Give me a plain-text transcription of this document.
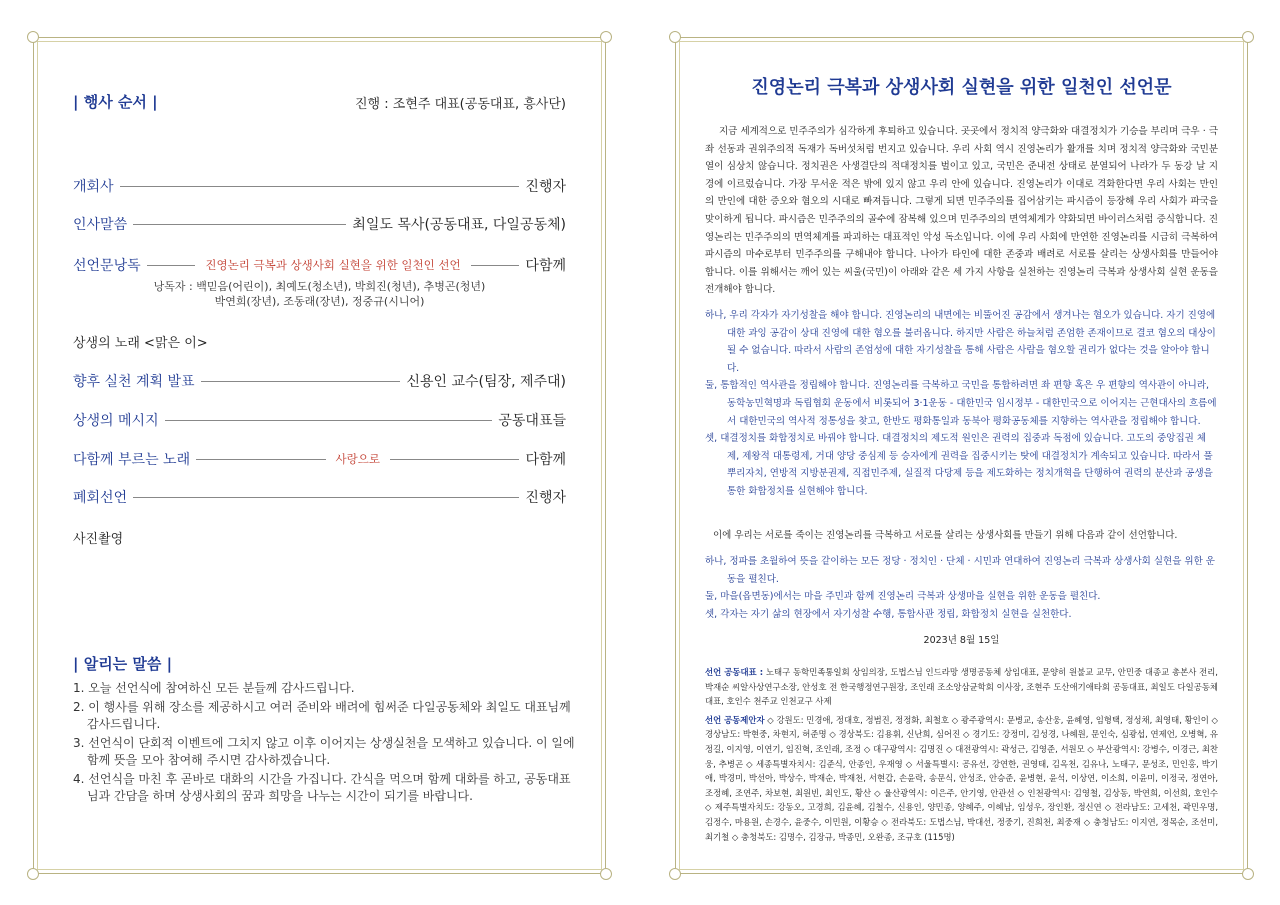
| 행사 순서 |	진행 : 조현주 대표(공동대표, 흥사단)
개회사	진행자
인사말씀	최일도 목사(공동대표, 다일공동체)
선언문낭독	진영논리 극복과 상생사회 실현을 위한 일천인 선언	다함께
낭독자 : 백믿음(어린이), 최예도(청소년), 박희진(청년), 추병곤(청년)
박연희(장년), 조동래(장년), 정중규(시니어)
상생의 노래 <맑은 이>
향후 실천 계획 발표	신용인 교수(팀장, 제주대)
상생의 메시지	공동대표들
다함께 부르는 노래	사랑으로	다함께
폐회선언	진행자
사진촬영
| 알리는 말씀 |
1. 오늘 선언식에 참여하신 모든 분들께 감사드립니다.
2. 이 행사를 위해 장소를 제공하시고 여러 준비와 배려에 힘써준 다일공동체와 최일도 대표님께 감사드립니다.
3. 선언식이 단회적 이벤트에 그치지 않고 이후 이어지는 상생실천을 모색하고 있습니다. 이 일에 함께 뜻을 모아 참여해 주시면 감사하겠습니다.
4. 선언식을 마친 후 곧바로 대화의 시간을 가집니다. 간식을 먹으며 함께 대화를 하고, 공동대표님과 간담을 하며 상생사회의 꿈과 희망을 나누는 시간이 되기를 바랍니다.
진영논리 극복과 상생사회 실현을 위한 일천인 선언문

지금 세계적으로 민주주의가 심각하게 후퇴하고 있습니다. 곳곳에서 정치적 양극화와 대결정치가 기승을 부리며 극우 · 극좌 선동과 권위주의적 독재가 독버섯처럼 번지고 있습니다. 우리 사회 역시 진영논리가 활개를 치며 정치적 양극화와 국민분열이 심상치 않습니다. 정치권은 사생결단의 적대정치를 벌이고 있고, 국민은 준내전 상태로 분열되어 나라가 두 동강 날 지경에 이르렀습니다. 가장 무서운 적은 밖에 있지 않고 우리 안에 있습니다. 진영논리가 이대로 격화한다면 우리 사회는 만인의 만인에 대한 증오와 혐오의 시대로 빠져듭니다. 그렇게 되면 민주주의를 집어삼키는 파시즘이 등장해 우리 사회가 파국을 맞이하게 됩니다. 파시즘은 민주주의의 골수에 잠복해 있으며 민주주의의 면역체계가 약화되면 바이러스처럼 증식합니다. 진영논리는 민주주의의 면역체계를 파괴하는 대표적인 악성 독소입니다. 이에 우리 사회에 만연한 진영논리를 시급히 극복하여 파시즘의 마수로부터 민주주의를 구해내야 합니다. 나아가 타인에 대한 존중과 배려로 서로를 살리는 상생사회를 만들어야 합니다. 이를 위해서는 깨어 있는 씨울(국민)이 아래와 같은 세 가지 사항을 실천하는 진영논리 극복과 상생사회 실현 운동을 전개해야 합니다.

하나, 우리 각자가 자기성찰을 해야 합니다. 진영논리의 내면에는 비뚤어진 공감에서 생겨나는 혐오가 있습니다. 자기 진영에 대한 과잉 공감이 상대 진영에 대한 혐오를 불러옵니다. 하지만 사람은 하늘처럼 존엄한 존재이므로 결코 혐오의 대상이 될 수 없습니다. 따라서 사람의 존엄성에 대한 자기성찰을 통해 사람은 사람을 혐오할 권리가 없다는 것을 알아야 합니다.

둘, 통합적인 역사관을 정립해야 합니다. 진영논리를 극복하고 국민을 통합하려면 좌 편향 혹은 우 편향의 역사관이 아니라, 동학농민혁명과 독립협회 운동에서 비롯되어 3·1운동 - 대한민국 임시정부 - 대한민국으로 이어지는 근현대사의 흐름에서 대한민국의 역사적 정통성을 찾고, 한반도 평화통일과 동북아 평화공동체를 지향하는 역사관을 정립해야 합니다.

셋, 대결정치를 화합정치로 바꿔야 합니다. 대결정치의 제도적 원인은 권력의 집중과 독점에 있습니다. 고도의 중앙집권 체제, 제왕적 대통령제, 거대 양당 중심제 등 승자에게 권력을 집중시키는 탓에 대결정치가 계속되고 있습니다. 따라서 풀뿌리자치, 연방적 지방분권제, 직접민주제, 실질적 다당제 등을 제도화하는 정치개혁을 단행하여 권력의 분산과 공생을 통한 화합정치를 실현해야 합니다.

이에 우리는 서로를 죽이는 진영논리를 극복하고 서로를 살리는 상생사회를 만들기 위해 다음과 같이 선언합니다.

하나, 정파를 초월하여 뜻을 같이하는 모든 정당 · 정치인 · 단체 · 시민과 연대하여 진영논리 극복과 상생사회 실현을 위한 운동을 펼친다.

둘, 마을(읍면동)에서는 마을 주민과 함께 진영논리 극복과 상생마을 실현을 위한 운동을 펼친다.

셋, 각자는 자기 삶의 현장에서 자기성찰 수행, 통합사관 정립, 화합정치 실현을 실천한다.

2023년 8월 15일

선언 공동대표 : 노태구 동학민족통일회 상임의장, 도법스님 인드라망 생명공동체 상임대표, 문양히 원불교 교무, 안민중 대종교 총본사 전리, 박재순 씨알사상연구소장, 안성호 전 한국행정연구원장, 조인래 조소앙삼균학회 이사장, 조현주 도산애기애타회 공동대표, 최일도 다일공동체 대표, 호인수 천주교 인천교구 사제

선언 공동제안자 ◇ 강원도: 민경애, 정대호, 정범진, 정정화, 최철호 ◇ 광주광역시: 문병교, 송산웅, 윤혜영, 임형택, 정성채, 최영태, 황인이 ◇ 경상남도: 박현중, 차현지, 허준명 ◇ 경상북도: 김용휘, 신난희, 심어진 ◇ 경기도: 강정미, 김성경, 나혜원, 문인숙, 심광섭, 연제언, 오병혁, 유정길, 이지영, 이연기, 임진혁, 조인래, 조정 ◇ 대구광역시: 김명진 ◇ 대전광역시: 곽성근, 김영준, 서원모 ◇ 부산광역시: 강병수, 이경근, 최찬웅, 추병곤 ◇ 세종특별자치시: 김준식, 안종인, 우재영 ◇ 서울특별시: 공유선, 강연한, 권영태, 김옥천, 김유나, 노태구, 문성조, 민인홍, 박기애, 박경미, 박선아, 박상수, 박재순, 박재천, 서현갑, 손윤락, 송문식, 안성조, 안승준, 윤병현, 윤석, 이상연, 이소희, 이윤미, 이정국, 정연아, 조정혜, 조연주, 차보현, 최원빈, 최인도, 황산 ◇ 울산광역시: 이은주, 안기영, 안관선 ◇ 인천광역시: 김영철, 김상동, 박연희, 이선희, 호인수 ◇ 제주특별자치도: 강동오, 고경희, 김윤혜, 김철수, 신용인, 양민종, 양혜주, 이혜남, 임성우, 장인환, 정신연 ◇ 전라남도: 고세천, 곽민우명, 김정수, 마용원, 손경수, 윤중수, 이민원, 이황승 ◇ 전라북도: 도법스님, 박대선, 정중기, 진희천, 최중재 ◇ 충청남도: 이지연, 정목순, 조선미, 최기철 ◇ 충청북도: 김명수, 김장규, 박종민, 오완종, 조규호 (115명)
